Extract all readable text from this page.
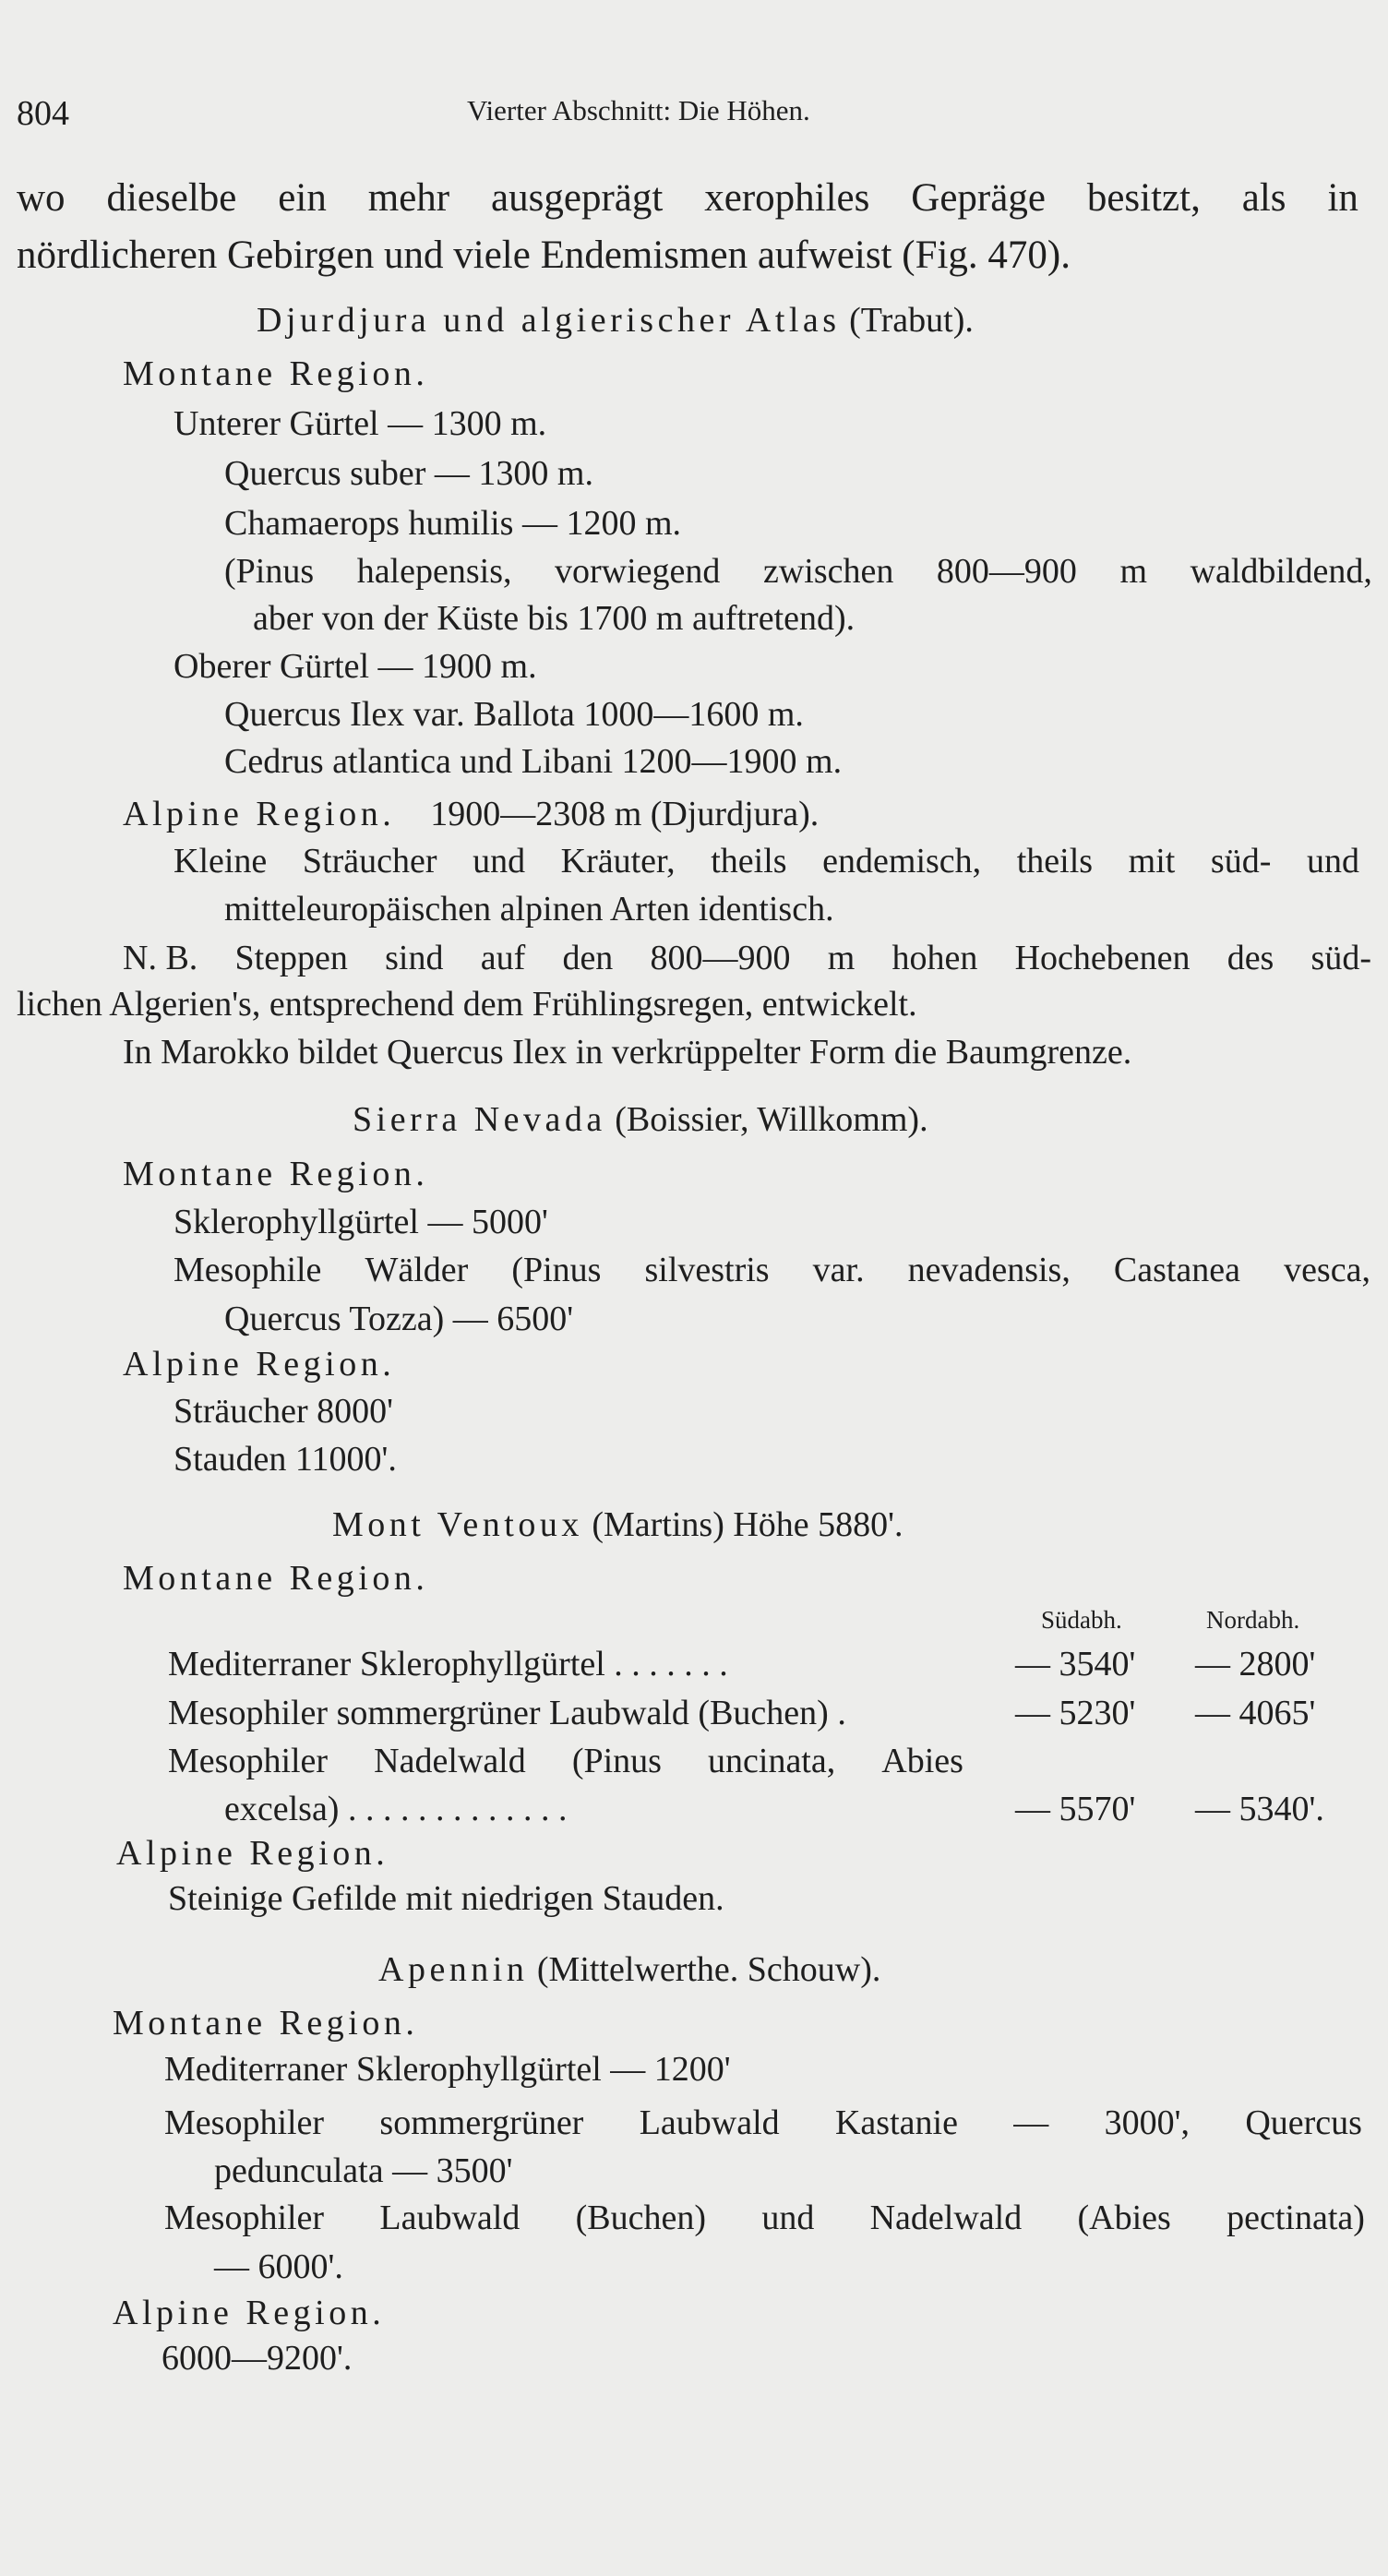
804	Vierter Abschnitt: Die Höhen.
wo dieselbe ein mehr ausgeprägt xerophiles Gepräge besitzt, als in
nördlicheren Gebirgen und viele Endemismen aufweist (Fig. 470).
Djurdjura und algierischer Atlas (Trabut).
Montane Region.
Unterer Gürtel — 1300 m.
Quercus suber — 1300 m.
Chamaerops humilis — 1200 m.
(Pinus halepensis, vorwiegend zwischen 800—900 m waldbildend,
aber von der Küste bis 1700 m auftretend).
Oberer Gürtel — 1900 m.
Quercus Ilex var. Ballota 1000—1600 m.
Cedrus atlantica und Libani 1200—1900 m.
Alpine Region. 1900—2308 m (Djurdjura).
Kleine Sträucher und Kräuter, theils endemisch, theils mit süd- und
mitteleuropäischen alpinen Arten identisch.
N. B. Steppen sind auf den 800—900 m hohen Hochebenen des süd-
lichen Algerien's, entsprechend dem Frühlingsregen, entwickelt.
In Marokko bildet Quercus Ilex in verkrüppelter Form die Baumgrenze.
Sierra Nevada (Boissier, Willkomm).
Montane Region.
Sklerophyllgürtel — 5000'
Mesophile Wälder (Pinus silvestris var. nevadensis, Castanea vesca,
Quercus Tozza) — 6500'
Alpine Region.
Sträucher 8000'
Stauden 11000'.
Mont Ventoux (Martins) Höhe 5880'.
Montane Region.
Südabh.	Nordabh.
Mediterraner Sklerophyllgürtel . . . . . . .	— 3540' — 2800'
Mesophiler sommergrüner Laubwald (Buchen) .	— 5230' — 4065'
Mesophiler Nadelwald (Pinus uncinata, Abies
excelsa) . . . . . . . . . . . . .	— 5570' — 5340'.
Alpine Region.
Steinige Gefilde mit niedrigen Stauden.
Apennin (Mittelwerthe. Schouw).
Montane Region.
Mediterraner Sklerophyllgürtel — 1200'
Mesophiler sommergrüner Laubwald Kastanie — 3000', Quercus
pedunculata — 3500'
Mesophiler Laubwald (Buchen) und Nadelwald (Abies pectinata)
— 6000'.
Alpine Region.
6000—9200'.
